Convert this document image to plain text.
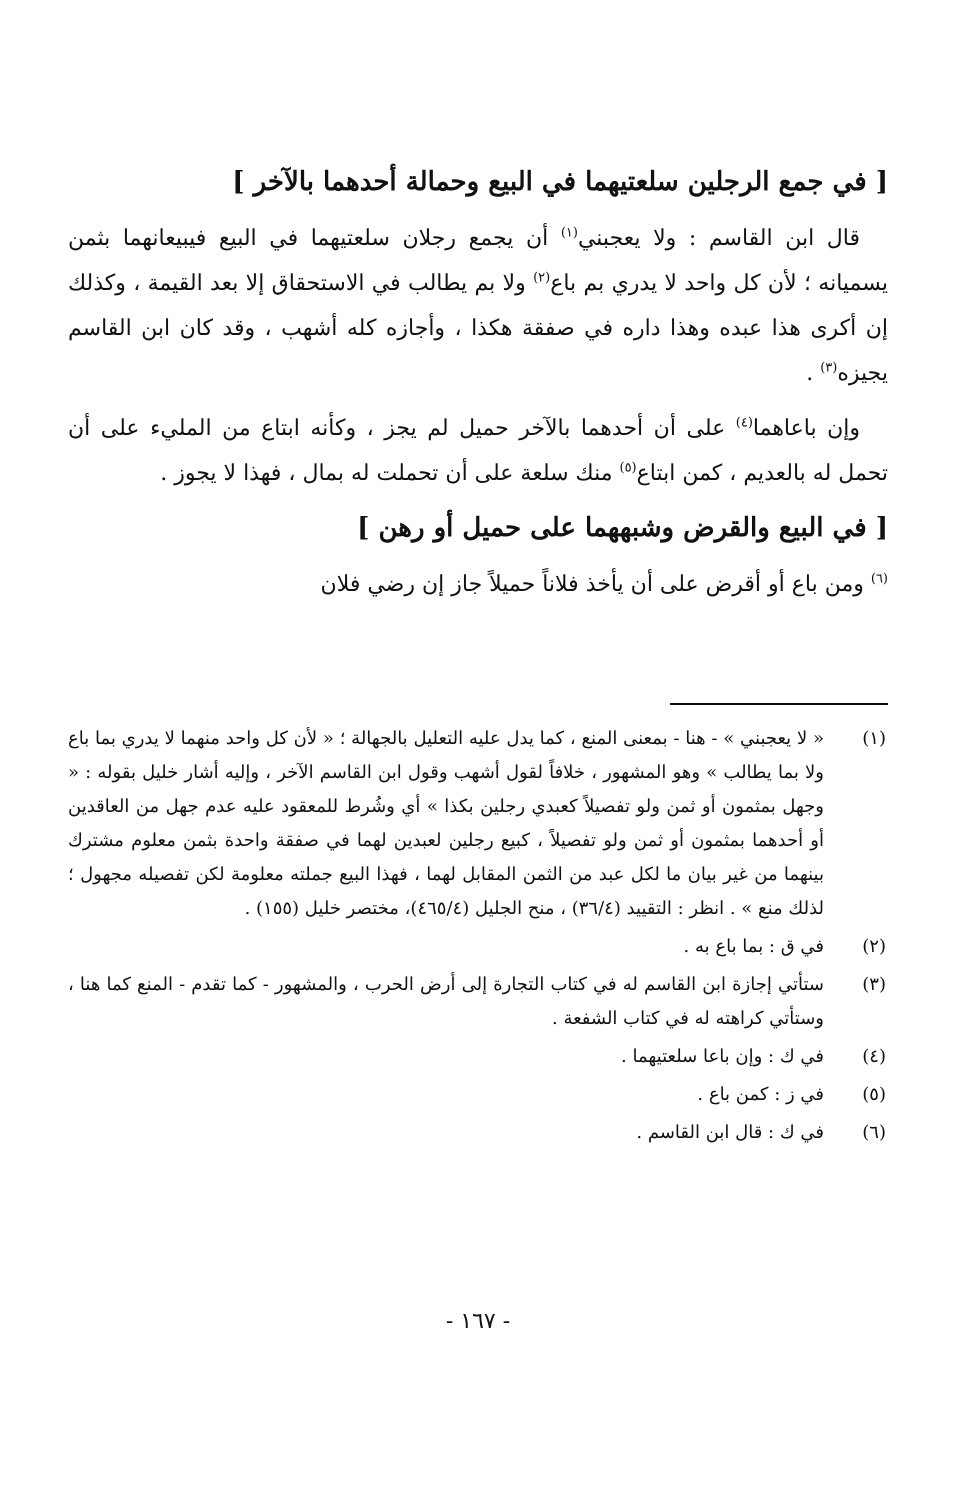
[ في جمع الرجلين سلعتيهما في البيع وحمالة أحدهما بالآخر ]

قال ابن القاسم : ولا يعجبني$^{(١)}$ أن يجمع رجلان سلعتيهما في البيع فيبيعانهما بثمن يسميانه ؛ لأن كل واحد لا يدري بم باع$^{(٢)}$ ولا بم يطالب في الاستحقاق إلا بعد القيمة ، وكذلك إن أكرى هذا عبده وهذا داره في صفقة هكذا ، وأجازه كله أشهب ، وقد كان ابن القاسم يجيزه$^{(٣)}$ .

وإن باعاهما$^{(٤)}$ على أن أحدهما بالآخر حميل لم يجز ، وكأنه ابتاع من المليء على أن تحمل له بالعديم ، كمن ابتاع$^{(٥)}$ منك سلعة على أن تحملت له بمال ، فهذا لا يجوز .

[ في البيع والقرض وشبههما على حميل أو رهن ]

$^{(٦)}$ ومن باع أو أقرض على أن يأخذ فلاناً حميلاً جاز إن رضي فلان

(١)
« لا يعجبني » - هنا - بمعنى المنع ، كما يدل عليه التعليل بالجهالة ؛ « لأن كل واحد منهما لا يدري بما باع ولا بما يطالب » وهو المشهور ، خلافاً لقول أشهب وقول ابن القاسم الآخر ، وإليه أشار خليل بقوله : « وجهل بمثمون أو ثمن ولو تفصيلاً كعبدي رجلين بكذا » أي وشُرط للمعقود عليه عدم جهل من العاقدين أو أحدهما بمثمون أو ثمن ولو تفصيلاً ، كبيع رجلين لعبدين لهما في صفقة واحدة بثمن معلوم مشترك بينهما من غير بيان ما لكل عبد من الثمن المقابل لهما ، فهذا البيع جملته معلومة لكن تفصيله مجهول ؛ لذلك منع » . انظر : التقييد (٣٦/٤) ، منح الجليل (٤٦٥/٤)، مختصر خليل (١٥٥) .
(٢)
في ق : بما باع به .
(٣)
ستأتي إجازة ابن القاسم له في كتاب التجارة إلى أرض الحرب ، والمشهور - كما تقدم - المنع كما هنا ، وستأتي كراهته له في كتاب الشفعة .
(٤)
في ك : وإن باعا سلعتيهما .
(٥)
في ز : كمن باع .
(٦)
في ك : قال ابن القاسم .
- ١٦٧ -
